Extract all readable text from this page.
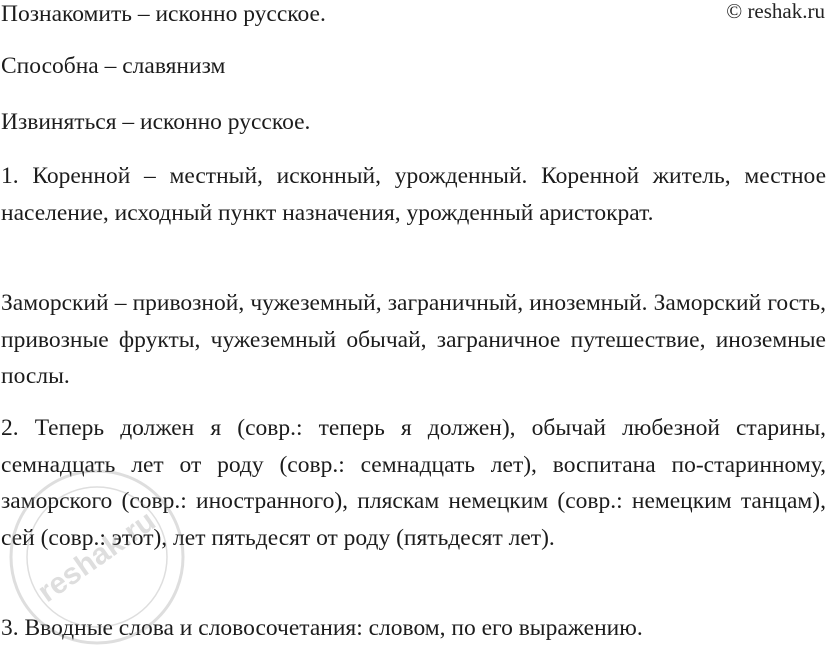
© reshak.ru
Познакомить – исконно русское.
Способна – славянизм
Извиняться – исконно русское.
1. Коренной – местный, исконный, урожденный. Коренной житель, местное население, исходный пункт назначения, урожденный аристократ.
Заморский – привозной, чужеземный, заграничный, иноземный. Заморский гость, привозные фрукты, чужеземный обычай, заграничное путешествие, иноземные послы.
2. Теперь должен я (совр.: теперь я должен), обычай любезной старины, семнадцать лет от роду (совр.: семнадцать лет), воспитана по-старинному, заморского (совр.: иностранного), пляскам немецким (совр.: немецким танцам), сей (совр.: этот), лет пятьдесят от роду (пятьдесят лет).
3. Вводные слова и словосочетания: словом, по его выражению.
reshak.ru
